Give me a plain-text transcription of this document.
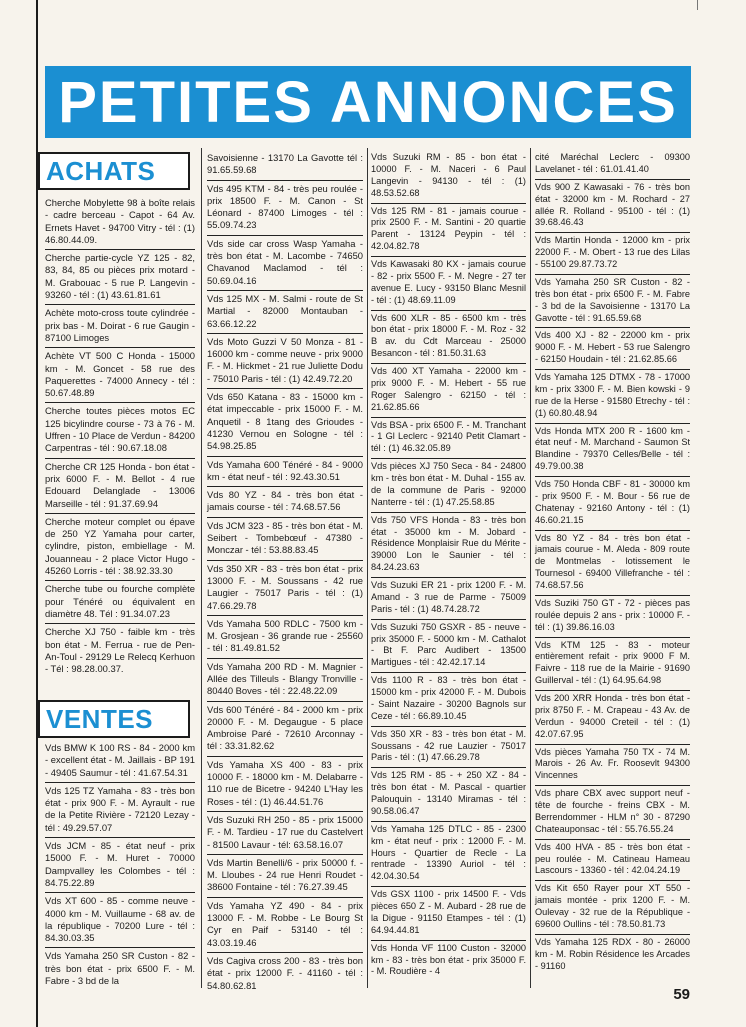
PETITES ANNONCES
ACHATS
Cherche Mobylette 98 à boîte relais - cadre berceau - Capot - 64 Av. Ernets Havet - 94700 Vitry - tél : (1) 46.80.44.09.
Cherche partie-cycle YZ 125 - 82, 83, 84, 85 ou pièces prix motard - M. Grabouac - 5 rue P. Langevin - 93260 - tél : (1) 43.61.81.61
Achète moto-cross toute cylindrée - prix bas - M. Doirat - 6 rue Gaugin - 87100 Limoges
Achète VT 500 C Honda - 15000 km - M. Goncet - 58 rue des Paquerettes - 74000 Annecy - tél : 50.67.48.89
Cherche toutes pièces motos EC 125 bicylindre course - 73 à 76 - M. Uffren - 10 Place de Verdun - 84200 Carpentras - tél : 90.67.18.08
Cherche CR 125 Honda - bon état - prix 6000 F. - M. Bellot - 4 rue Edouard Delanglade - 13006 Marseille - tél : 91.37.69.94
Cherche moteur complet ou épave de 250 YZ Yamaha pour carter, cylindre, piston, embiellage - M. Jouanneau - 2 place Victor Hugo - 45260 Lorris - tél : 38.92.33.30
Cherche tube ou fourche complète pour Ténéré ou équivalent en diamètre 48. Tél : 91.34.07.23
Cherche XJ 750 - faible km - très bon état - M. Ferrua - rue de Pen-An-Toul - 29129 Le Relecq Kerhuon - Tél : 98.28.00.37.
VENTES
Vds BMW K 100 RS - 84 - 2000 km - excellent état - M. Jaillais - BP 191 - 49405 Saumur - tél : 41.67.54.31
Vds 125 TZ Yamaha - 83 - très bon état - prix 900 F. - M. Ayrault - rue de la Petite Rivière - 72120 Lezay - tél : 49.29.57.07
Vds JCM - 85 - état neuf - prix 15000 F. - M. Huret - 70000 Dampvalley les Colombes - tél : 84.75.22.89
Vds XT 600 - 85 - comme neuve - 4000 km - M. Vuillaume - 68 av. de la république - 70200 Lure - tél : 84.30.03.35
Vds Yamaha 250 SR Custon - 82 - très bon état - prix 6500 F. - M. Fabre - 3 bd de la
Savoisienne - 13170 La Gavotte tél : 91.65.59.68
Vds 495 KTM - 84 - très peu roulée - prix 18500 F. - M. Canon - St Léonard - 87400 Limoges - tél : 55.09.74.23
Vds side car cross Wasp Yamaha - très bon état - M. Lacombe - 74650 Chavanod Maclamod - tél : 50.69.04.16
Vds 125 MX - M. Salmi - route de St Martial - 82000 Montauban - 63.66.12.22
Vds Moto Guzzi V 50 Monza - 81 - 16000 km - comme neuve - prix 9000 F. - M. Hickmet - 21 rue Juliette Dodu - 75010 Paris - tél : (1) 42.49.72.20
Vds 650 Katana - 83 - 15000 km - état impeccable - prix 15000 F. - M. Anquetil - 8 1tang des Grioudes - 41230 Vernou en Sologne - tél : 54.98.25.85
Vds Yamaha 600 Ténéré - 84 - 9000 km - état neuf - tél : 92.43.30.51
Vds 80 YZ - 84 - très bon état - jamais course - tél : 74.68.57.56
Vds JCM 323 - 85 - très bon état - M. Seibert - Tombebœuf - 47380 - Monczar - tél : 53.88.83.45
Vds 350 XR - 83 - très bon état - prix 13000 F. - M. Soussans - 42 rue Laugier - 75017 Paris - tél : (1) 47.66.29.78
Vds Yamaha 500 RDLC - 7500 km - M. Grosjean - 36 grande rue - 25560 - tél : 81.49.81.52
Vds Yamaha 200 RD - M. Magnier - Allée des Tilleuls - Blangy Tronville - 80440 Boves - tél : 22.48.22.09
Vds 600 Ténéré - 84 - 2000 km - prix 20000 F. - M. Degaugue - 5 place Ambroise Paré - 72610 Arconnay - tél : 33.31.82.62
Vds Yamaha XS 400 - 83 - prix 10000 F. - 18000 km - M. Delabarre - 110 rue de Bicetre - 94240 L'Hay les Roses - tél : (1) 46.44.51.76
Vds Suzuki RH 250 - 85 - prix 15000 F. - M. Tardieu - 17 rue du Castelvert - 81500 Lavaur - tél: 63.58.16.07
Vds Martin Benelli/6 - prix 50000 f. - M. Lloubes - 24 rue Henri Roudet - 38600 Fontaine - tél : 76.27.39.45
Vds Yamaha YZ 490 - 84 - prix 13000 F. - M. Robbe - Le Bourg St Cyr en Paif - 53140 - tél : 43.03.19.46
Vds Cagiva cross 200 - 83 - très bon état - prix 12000 F. - 41160 - tél : 54.80.62.81
Vds Suzuki RM - 85 - bon état - 10000 F. - M. Naceri - 6 Paul Langevin - 94130 - tél : (1) 48.53.52.68
Vds 125 RM - 81 - jamais courue - prix 2500 F. - M. Santini - 20 quartie Parent - 13124 Peypin - tél : 42.04.82.78
Vds Kawasaki 80 KX - jamais courue - 82 - prix 5500 F. - M. Negre - 27 ter avenue E. Lucy - 93150 Blanc Mesnil - tél : (1) 48.69.11.09
Vds 600 XLR - 85 - 6500 km - très bon état - prix 18000 F. - M. Roz - 32 B av. du Cdt Marceau - 25000 Besancon - tél : 81.50.31.63
Vds 400 XT Yamaha - 22000 km - prix 9000 F. - M. Hebert - 55 rue Roger Salengro - 62150 - tél : 21.62.85.66
Vds BSA - prix 6500 F. - M. Tranchant - 1 Gl Leclerc - 92140 Petit Clamart - tél : (1) 46.32.05.89
Vds pièces XJ 750 Seca - 84 - 24800 km - très bon état - M. Duhal - 155 av. de la commune de Paris - 92000 Nanterre - tél : (1) 47.25.58.85
Vds 750 VFS Honda - 83 - très bon état - 35000 km - M. Jobard - Résidence Monplaisir Rue du Mérite - 39000 Lon le Saunier - tél : 84.24.23.63
Vds Suzuki ER 21 - prix 1200 F. - M. Amand - 3 rue de Parme - 75009 Paris - tél : (1) 48.74.28.72
Vds Suzuki 750 GSXR - 85 - neuve - prix 35000 F. - 5000 km - M. Cathalot - Bt F. Parc Audibert - 13500 Martigues - tél : 42.42.17.14
Vds 1100 R - 83 - très bon état - 15000 km - prix 42000 F. - M. Dubois - Saint Nazaire - 30200 Bagnols sur Ceze - tél : 66.89.10.45
Vds 350 XR - 83 - très bon état - M. Soussans - 42 rue Lauzier - 75017 Paris - tél : (1) 47.66.29.78
Vds 125 RM - 85 - + 250 XZ - 84 - très bon état - M. Pascal - quartier Palouquin - 13140 Miramas - tél : 90.58.06.47
Vds Yamaha 125 DTLC - 85 - 2300 km - état neuf - prix : 12000 F. - M. Hours - Quartier de Recle - La rentrade - 13390 Auriol - tél : 42.04.30.54
Vds GSX 1100 - prix 14500 F. - Vds pièces 650 Z - M. Aubard - 28 rue de la Digue - 91150 Etampes - tél : (1) 64.94.44.81
Vds Honda VF 1100 Custon - 32000 km - 83 - très bon état - prix 35000 F. - M. Roudière - 4
cité Maréchal Leclerc - 09300 Lavelanet - tél : 61.01.41.40
Vds 900 Z Kawasaki - 76 - très bon état - 32000 km - M. Rochard - 27 allée R. Rolland - 95100 - tél : (1) 39.68.46.43
Vds Martin Honda - 12000 km - prix 22000 F. - M. Obert - 13 rue des Lilas - 55100 29.87.73.72
Vds Yamaha 250 SR Custon - 82 - très bon état - prix 6500 F. - M. Fabre - 3 bd de la Savoisienne - 13170 La Gavotte - tél : 91.65.59.68
Vds 400 XJ - 82 - 22000 km - prix 9000 F. - M. Hebert - 53 rue Salengro - 62150 Houdain - tél : 21.62.85.66
Vds Yamaha 125 DTMX - 78 - 17000 km - prix 3300 F. - M. Bien kowski - 9 rue de la Herse - 91580 Etrechy - tél : (1) 60.80.48.94
Vds Honda MTX 200 R - 1600 km - état neuf - M. Marchand - Saumon St Blandine - 79370 Celles/Belle - tél : 49.79.00.38
Vds 750 Honda CBF - 81 - 30000 km - prix 9500 F. - M. Bour - 56 rue de Chatenay - 92160 Antony - tél : (1) 46.60.21.15
Vds 80 YZ - 84 - très bon état - jamais courue - M. Aleda - 809 route de Montmelas - lotissement le Tournesol - 69400 Villefranche - tél : 74.68.57.56
Vds Suziki 750 GT - 72 - pièces pas roulée depuis 2 ans - prix : 10000 F. - tél : (1) 39.86.16.03
Vds KTM 125 - 83 - moteur entièrement refait - prix 9000 F M. Faivre - 118 rue de la Mairie - 91690 Guillerval - tél : (1) 64.95.64.98
Vds 200 XRR Honda - très bon état - prix 8750 F. - M. Crapeau - 43 Av. de Verdun - 94000 Creteil - tél : (1) 42.07.67.95
Vds pièces Yamaha 750 TX - 74 M. Marois - 26 Av. Fr. Roosevlt 94300 Vincennes
Vds phare CBX avec support neuf - tête de fourche - freins CBX - M. Berrendommer - HLM n° 30 - 87290 Chateauponsac - tél : 55.76.55.24
Vds 400 HVA - 85 - très bon état - peu roulée - M. Catineau Hameau Lascours - 13360 - tél : 42.04.24.19
Vds Kit 650 Rayer pour XT 550 - jamais montée - prix 1200 F. - M. Oulevay - 32 rue de la République - 69600 Oullins - tél : 78.50.81.73
Vds Yamaha 125 RDX - 80 - 26000 km - M. Robin Résidence les Arcades - 91160
59
